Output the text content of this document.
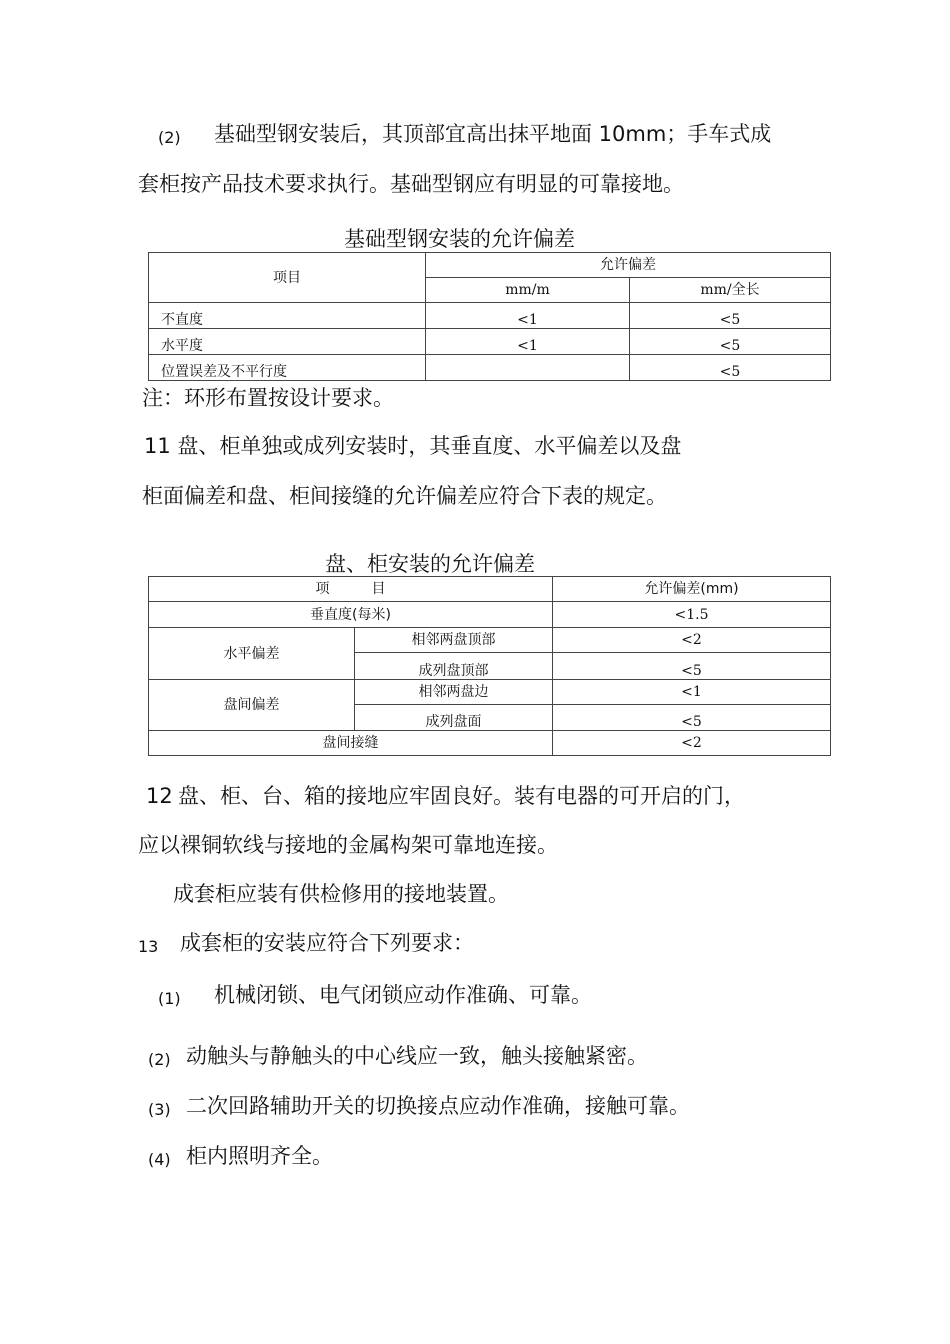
(2) 基础型钢安装后，其顶部宜高出抹平地面 10mm；手车式成
套柜按产品技术要求执行。基础型钢应有明显的可靠接地。
基础型钢安装的允许偏差
项目	允许偏差	
	mm/m	mm/全长
不直度	<1	<5
水平度	<1	<5
位置误差及不平行度		<5
注：环形布置按设计要求。
11 盘、柜单独或成列安装时，其垂直度、水平偏差以及盘
柜面偏差和盘、柜间接缝的允许偏差应符合下表的规定。
盘、柜安装的允许偏差
项　　　目		允许偏差(mm)
垂直度(每米)		<1.5
水平偏差	相邻两盘顶部	<2
	成列盘顶部	<5
盘间偏差	相邻两盘边	<1
	成列盘面	<5
盘间接缝		<2
12 盘、柜、台、箱的接地应牢固良好。装有电器的可开启的门，
应以裸铜软线与接地的金属构架可靠地连接。
成套柜应装有供检修用的接地装置。
13 成套柜的安装应符合下列要求：
(1) 机械闭锁、电气闭锁应动作准确、可靠。
(2) 动触头与静触头的中心线应一致，触头接触紧密。
(3) 二次回路辅助开关的切换接点应动作准确，接触可靠。
(4) 柜内照明齐全。
